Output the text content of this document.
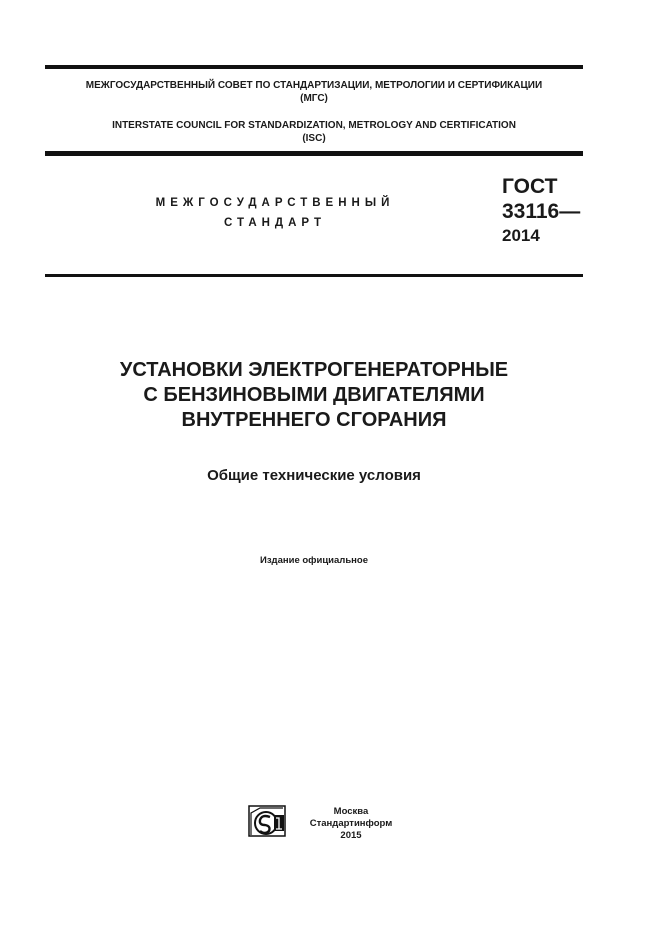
МЕЖГОСУДАРСТВЕННЫЙ СОВЕТ ПО СТАНДАРТИЗАЦИИ, МЕТРОЛОГИИ И СЕРТИФИКАЦИИ
(МГС)
INTERSTATE COUNCIL FOR STANDARDIZATION, METROLOGY AND CERTIFICATION
(ISC)
МЕЖГОСУДАРСТВЕННЫЙ
СТАНДАРТ
ГОСТ
33116—
2014
УСТАНОВКИ ЭЛЕКТРОГЕНЕРАТОРНЫЕ
С БЕНЗИНОВЫМИ ДВИГАТЕЛЯМИ
ВНУТРЕННЕГО СГОРАНИЯ
Общие технические условия
Издание официальное
Москва
Стандартинформ
2015
